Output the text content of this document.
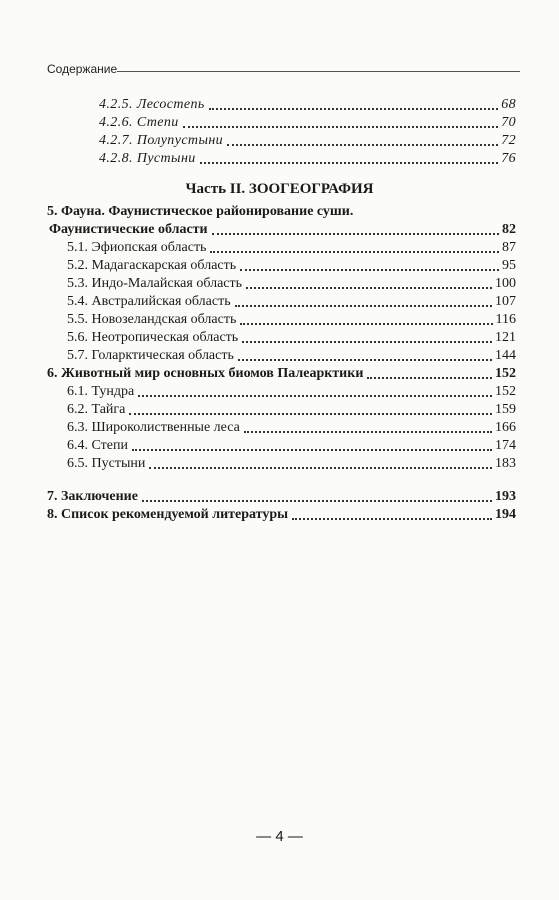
Содержание
4.2.5. Лесостепь	68
4.2.6. Степи	70
4.2.7. Полупустыни	72
4.2.8. Пустыни	76
Часть II. ЗООГЕОГРАФИЯ
5. Фауна. Фаунистическое районирование суши.
Фаунистические области	82
5.1. Эфиопская область	87
5.2. Мадагаскарская область	95
5.3. Индо-Малайская область	100
5.4. Австралийская область	107
5.5. Новозеландская область	116
5.6. Неотропическая область	121
5.7. Голарктическая область	144
6. Животный мир основных биомов Палеарктики	152
6.1. Тундра	152
6.2. Тайга	159
6.3. Широколиственные леса	166
6.4. Степи	174
6.5. Пустыни	183
7. Заключение	193
8. Список рекомендуемой литературы	194
— 4 —
